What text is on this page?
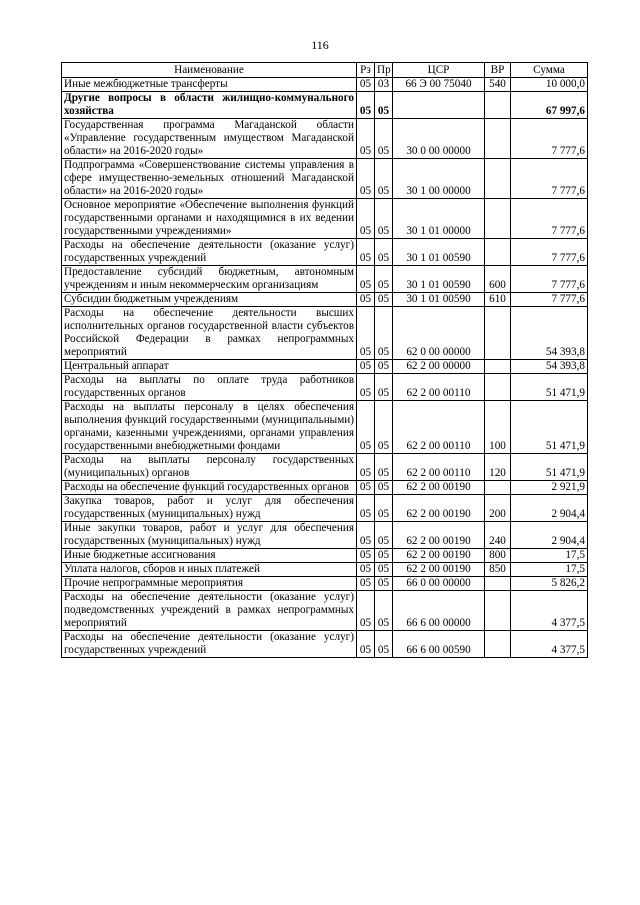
116
Наименование	Рз	Пр	ЦСР	ВР	Сумма
Иные межбюджетные трансферты	05	03	66 Э 00 75040	540	10 000,0
Другие вопросы в области жилищно-коммунального хозяйства	05	05			67 997,6
Государственная программа Магаданской области «Управление государственным имуществом Магаданской области» на 2016-2020 годы»	05	05	30 0 00 00000		7 777,6
Подпрограмма «Совершенствование системы управления в сфере имущественно-земельных отношений Магаданской области» на 2016-2020 годы»	05	05	30 1 00 00000		7 777,6
Основное мероприятие «Обеспечение выполнения функций государственными органами и находящимися в их ведении государственными учреждениями»	05	05	30 1 01 00000		7 777,6
Расходы на обеспечение деятельности (оказание услуг) государственных учреждений	05	05	30 1 01 00590		7 777,6
Предоставление субсидий бюджетным, автономным учреждениям и иным некоммерческим организациям	05	05	30 1 01 00590	600	7 777,6
Субсидии бюджетным учреждениям	05	05	30 1 01 00590	610	7 777,6
Расходы на обеспечение деятельности высших исполнительных органов государственной власти субъектов Российской Федерации в рамках непрограммных мероприятий	05	05	62 0 00 00000		54 393,8
Центральный аппарат	05	05	62 2 00 00000		54 393,8
Расходы на выплаты по оплате труда работников государственных органов	05	05	62 2 00 00110		51 471,9
Расходы на выплаты персоналу в целях обеспечения выполнения функций государственными (муниципальными) органами, казенными учреждениями, органами управления государственными внебюджетными фондами	05	05	62 2 00 00110	100	51 471,9
Расходы на выплаты персоналу государственных (муниципальных) органов	05	05	62 2 00 00110	120	51 471,9
Расходы на обеспечение функций государственных органов	05	05	62 2 00 00190		2 921,9
Закупка товаров, работ и услуг для обеспечения государственных (муниципальных) нужд	05	05	62 2 00 00190	200	2 904,4
Иные закупки товаров, работ и услуг для обеспечения государственных (муниципальных) нужд	05	05	62 2 00 00190	240	2 904,4
Иные бюджетные ассигнования	05	05	62 2 00 00190	800	17,5
Уплата налогов, сборов и иных платежей	05	05	62 2 00 00190	850	17,5
Прочие непрограммные мероприятия	05	05	66 0 00 00000		5 826,2
Расходы на обеспечение деятельности (оказание услуг) подведомственных учреждений в рамках непрограммных мероприятий	05	05	66 6 00 00000		4 377,5
Расходы на обеспечение деятельности (оказание услуг) государственных учреждений	05	05	66 6 00 00590		4 377,5
